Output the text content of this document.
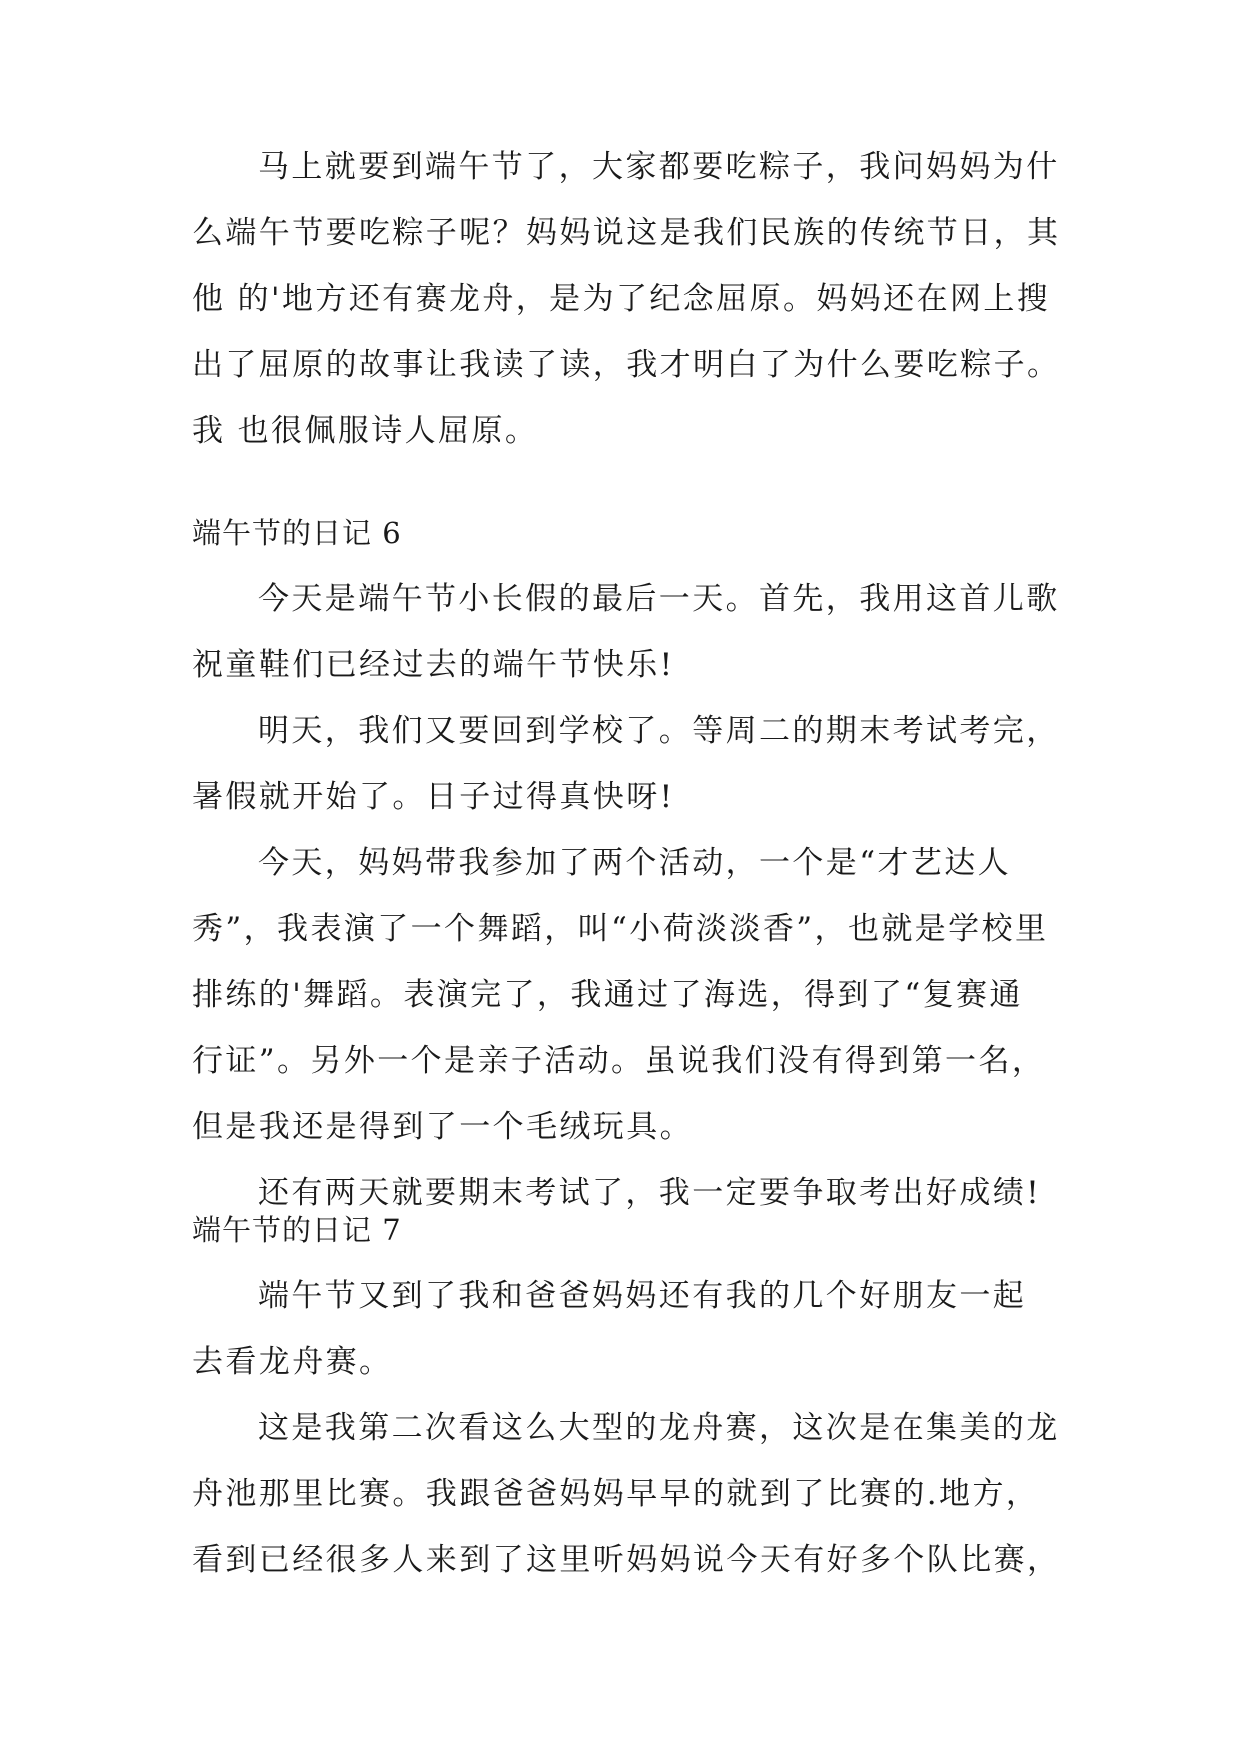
马上就要到端午节了，大家都要吃粽子，我问妈妈为什
么端午节要吃粽子呢？妈妈说这是我们民族的传统节日，其
他 的'地方还有赛龙舟，是为了纪念屈原。妈妈还在网上搜
出了屈原的故事让我读了读，我才明白了为什么要吃粽子。
我 也很佩服诗人屈原。
端午节的日记 6
今天是端午节小长假的最后一天。首先，我用这首儿歌
祝童鞋们已经过去的端午节快乐!
明天，我们又要回到学校了。等周二的期末考试考完，
暑假就开始了。日子过得真快呀!
今天，妈妈带我参加了两个活动，一个是“才艺达人
秀”，我表演了一个舞蹈，叫“小荷淡淡香”，也就是学校里
排练的'舞蹈。表演完了，我通过了海选，得到了“复赛通
行证”。另外一个是亲子活动。虽说我们没有得到第一名，
但是我还是得到了一个毛绒玩具。
还有两天就要期末考试了，我一定要争取考出好成绩!
端午节的日记 7
端午节又到了我和爸爸妈妈还有我的几个好朋友一起
去看龙舟赛。
这是我第二次看这么大型的龙舟赛，这次是在集美的龙
舟池那里比赛。我跟爸爸妈妈早早的就到了比赛的.地方，
看到已经很多人来到了这里听妈妈说今天有好多个队比赛，
